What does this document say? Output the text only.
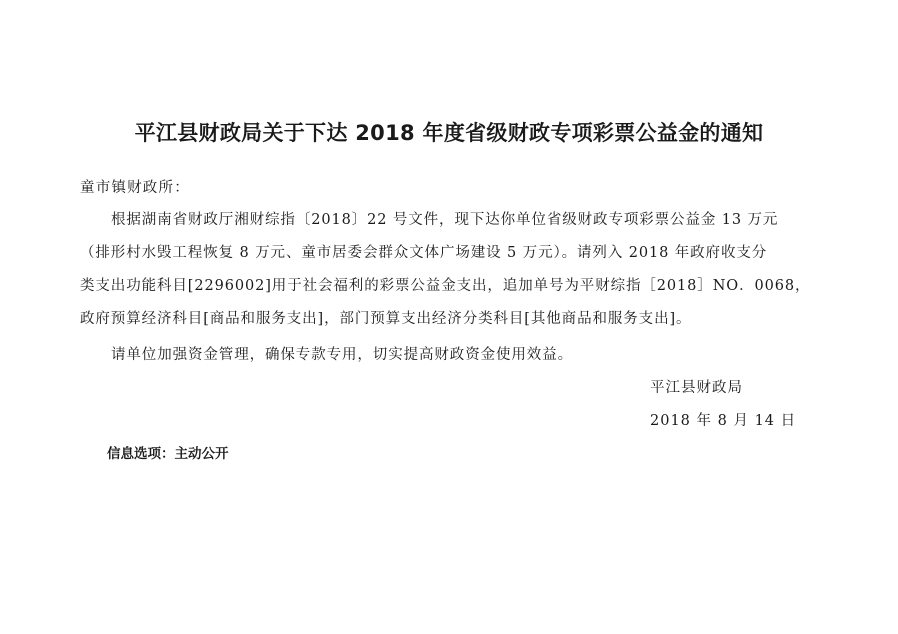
平江县财政局关于下达 2018 年度省级财政专项彩票公益金的通知
童市镇财政所：
根据湖南省财政厅湘财综指〔2018〕22 号文件，现下达你单位省级财政专项彩票公益金 13 万元
（排形村水毁工程恢复 8 万元、童市居委会群众文体广场建设 5 万元）。请列入 2018 年政府收支分
类支出功能科目[2296002]用于社会福利的彩票公益金支出，追加单号为平财综指［2018］NO．0068，
政府预算经济科目[商品和服务支出]，部门预算支出经济分类科目[其他商品和服务支出]。
请单位加强资金管理，确保专款专用，切实提高财政资金使用效益。
平江县财政局
2018 年 8 月 14 日
信息选项：主动公开
